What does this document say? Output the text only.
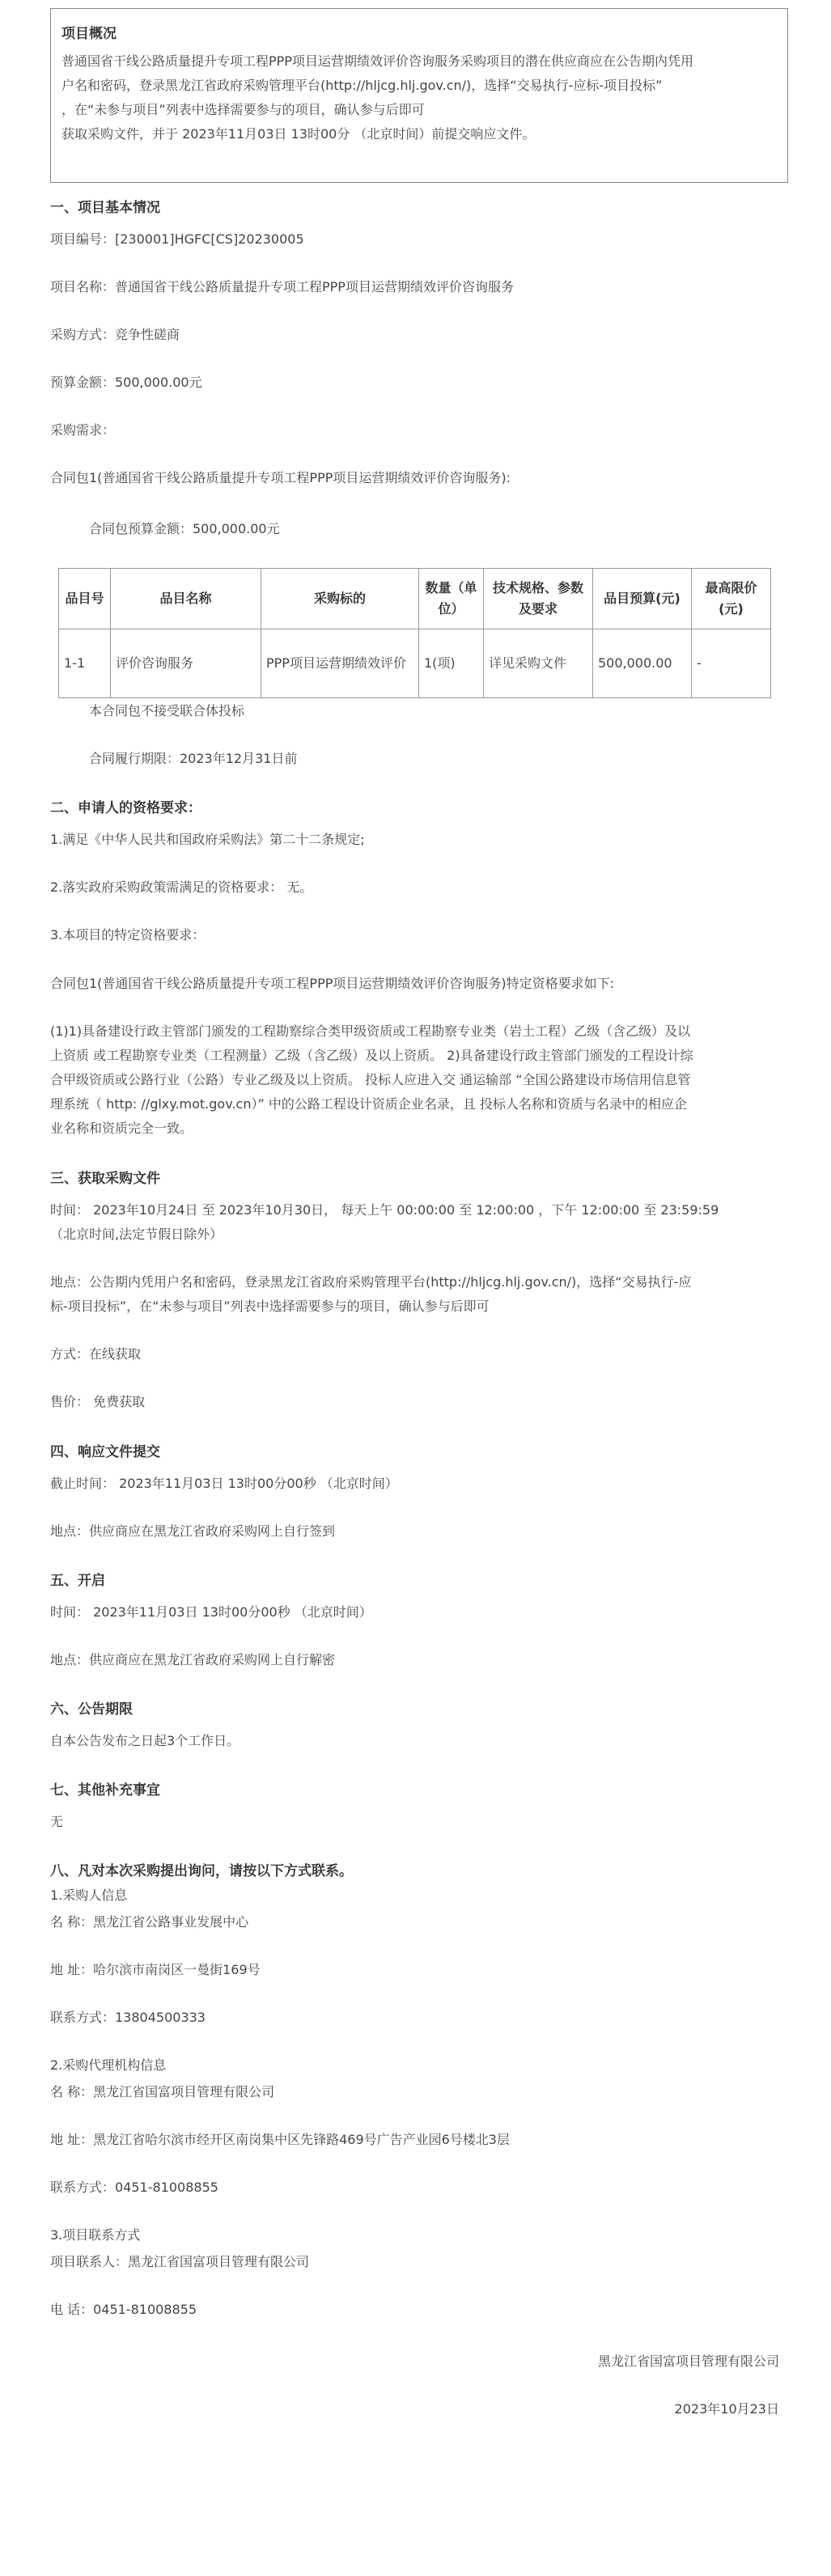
项目概况
普通国省干线公路质量提升专项工程PPP项目运营期绩效评价咨询服务采购项目的潜在供应商应在公告期内凭用
户名和密码，登录黑龙江省政府采购管理平台(http://hljcg.hlj.gov.cn/)，选择“交易执行-应标-项目投标”
，在“未参与项目”列表中选择需要参与的项目，确认参与后即可
获取采购文件，并于 2023年11月03日 13时00分 （北京时间）前提交响应文件。
一、项目基本情况
项目编号：[230001]HGFC[CS]20230005
项目名称：普通国省干线公路质量提升专项工程PPP项目运营期绩效评价咨询服务
采购方式：竞争性磋商
预算金额：500,000.00元
采购需求：
合同包1(普通国省干线公路质量提升专项工程PPP项目运营期绩效评价咨询服务):
合同包预算金额：500,000.00元
品目号	品目名称	采购标的	数量（单位）	技术规格、参数及要求	品目预算(元)	最高限价(元)
1-1	评价咨询服务	PPP项目运营期绩效评价	1(项)	详见采购文件	500,000.00	-
本合同包不接受联合体投标
合同履行期限：2023年12月31日前
二、申请人的资格要求：
1.满足《中华人民共和国政府采购法》第二十二条规定;
2.落实政府采购政策需满足的资格要求： 无。
3.本项目的特定资格要求：
合同包1(普通国省干线公路质量提升专项工程PPP项目运营期绩效评价咨询服务)特定资格要求如下:
(1)1)具备建设行政主管部门颁发的工程勘察综合类甲级资质或工程勘察专业类（岩土工程）乙级（含乙级）及以
上资质 或工程勘察专业类（工程测量）乙级（含乙级）及以上资质。 2)具备建设行政主管部门颁发的工程设计综
合甲级资质或公路行业（公路）专业乙级及以上资质。 投标人应进入交 通运输部 “全国公路建设市场信用信息管
理系统（ http: //glxy.mot.gov.cn）” 中的公路工程设计资质企业名录，且 投标人名称和资质与名录中的相应企
业名称和资质完全一致。
三、获取采购文件
时间： 2023年10月24日 至 2023年10月30日， 每天上午 00:00:00 至 12:00:00 ，下午 12:00:00 至 23:59:59
（北京时间,法定节假日除外）
地点：公告期内凭用户名和密码，登录黑龙江省政府采购管理平台(http://hljcg.hlj.gov.cn/)，选择“交易执行-应
标-项目投标”，在“未参与项目”列表中选择需要参与的项目，确认参与后即可
方式：在线获取
售价： 免费获取
四、响应文件提交
截止时间： 2023年11月03日 13时00分00秒 （北京时间）
地点：供应商应在黑龙江省政府采购网上自行签到
五、开启
时间： 2023年11月03日 13时00分00秒 （北京时间）
地点：供应商应在黑龙江省政府采购网上自行解密
六、公告期限
自本公告发布之日起3个工作日。
七、其他补充事宜
无
八、凡对本次采购提出询问，请按以下方式联系。
1.采购人信息
名 称：黑龙江省公路事业发展中心
地 址：哈尔滨市南岗区一曼街169号
联系方式：13804500333
2.采购代理机构信息
名 称：黑龙江省国富项目管理有限公司
地 址：黑龙江省哈尔滨市经开区南岗集中区先锋路469号广告产业园6号楼北3层
联系方式：0451-81008855
3.项目联系方式
项目联系人：黑龙江省国富项目管理有限公司
电 话：0451-81008855
黑龙江省国富项目管理有限公司
2023年10月23日
